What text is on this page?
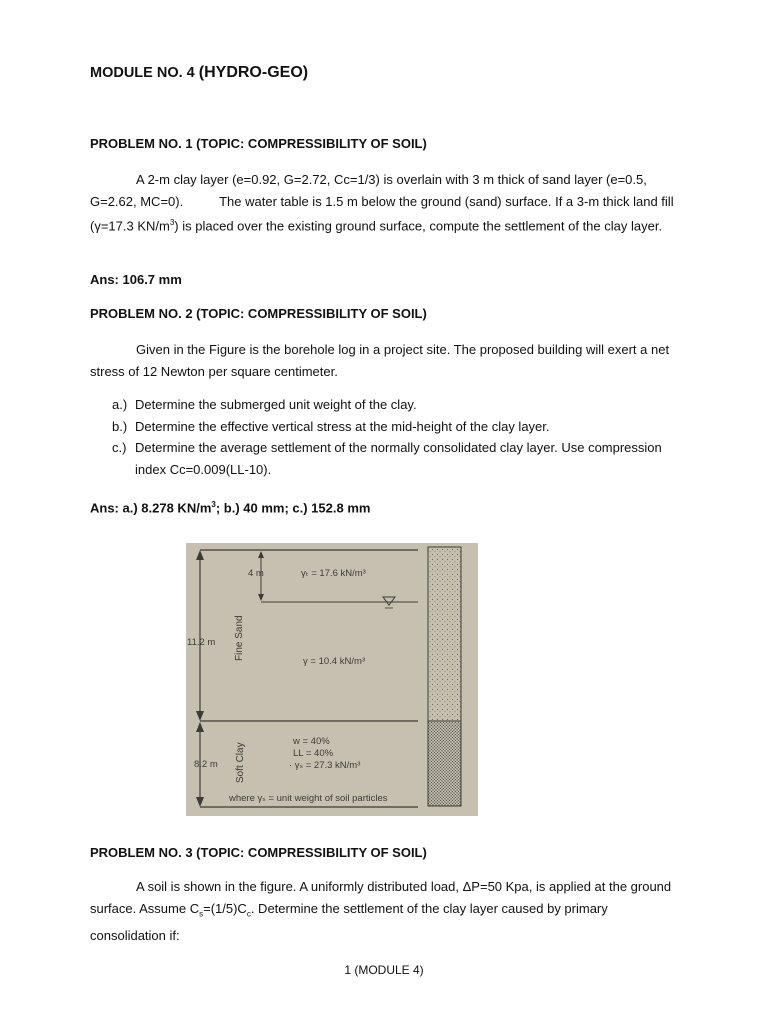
MODULE NO. 4 (HYDRO-GEO)
PROBLEM NO. 1 (TOPIC: COMPRESSIBILITY OF SOIL)
A 2-m clay layer (e=0.92, G=2.72, Cc=1/3) is overlain with 3 m thick of sand layer (e=0.5, G=2.62, MC=0).          The water table is 1.5 m below the ground (sand) surface. If a 3-m thick land fill (γ=17.3 $KN/m^3$) is placed over the existing ground surface, compute the settlement of the clay layer.
Ans: 106.7 mm
PROBLEM NO. 2 (TOPIC: COMPRESSIBILITY OF SOIL)
Given in the Figure is the borehole log in a project site. The proposed building will exert a net stress of 12 Newton per square centimeter.
a.) Determine the submerged unit weight of the clay.
b.) Determine the effective vertical stress at the mid-height of the clay layer.
c.) Determine the average settlement of the normally consolidated clay layer. Use compression index Cc=0.009(LL-10).
Ans: a.) 8.278 $KN/m^3$; b.) 40 mm; c.) 152.8 mm
4 m	γₜ = 17.6 kN/m³
11.2 m Fine Sand
γ = 10.4 kN/m³
w = 40%
LL = 40%
· γₛ = 27.3 kN/m³
8.2 m Soft Clay
where γₛ = unit weight of soil particles
PROBLEM NO. 3 (TOPIC: COMPRESSIBILITY OF SOIL)
A soil is shown in the figure. A uniformly distributed load, ΔP=50 Kpa, is applied at the ground surface. Assume $C_s=(1/5)C_c$. Determine the settlement of the clay layer caused by primary consolidation if:
1 (MODULE 4)
